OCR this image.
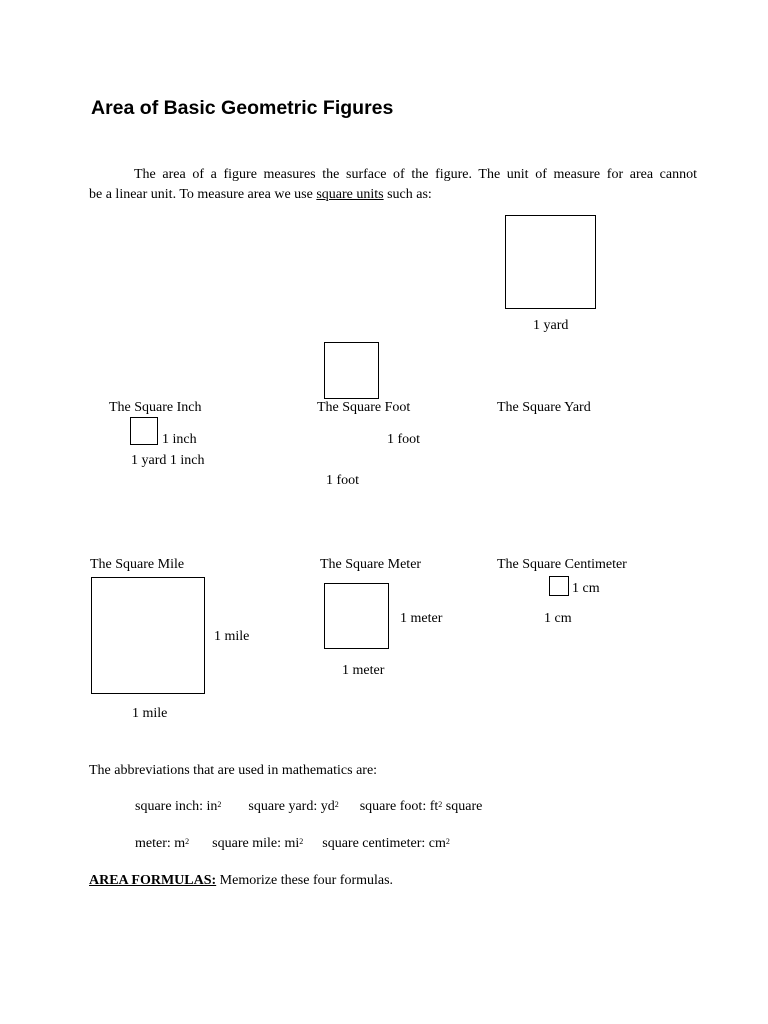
Area of Basic Geometric Figures
The area of a figure measures the surface of the figure. The unit of measure for area cannot

be a linear unit. To measure area we use square units such as:

1 yard
The Square Inch	The Square Foot	The Square Yard
1 inch
1 yard 1 inch
1 foot
1 foot
The Square Mile	The Square Meter	The Square Centimeter
1 cm
1 cm
1 mile
1 mile
1 meter
1 meter
The abbreviations that are used in mathematics are:
square inch: $in^2$ square yard: $yd^2$ square foot: $ft^2$ square
meter: $m^2$ square mile: $mi^2$ square centimeter: $cm^2$
AREA FORMULAS: Memorize these four formulas.
